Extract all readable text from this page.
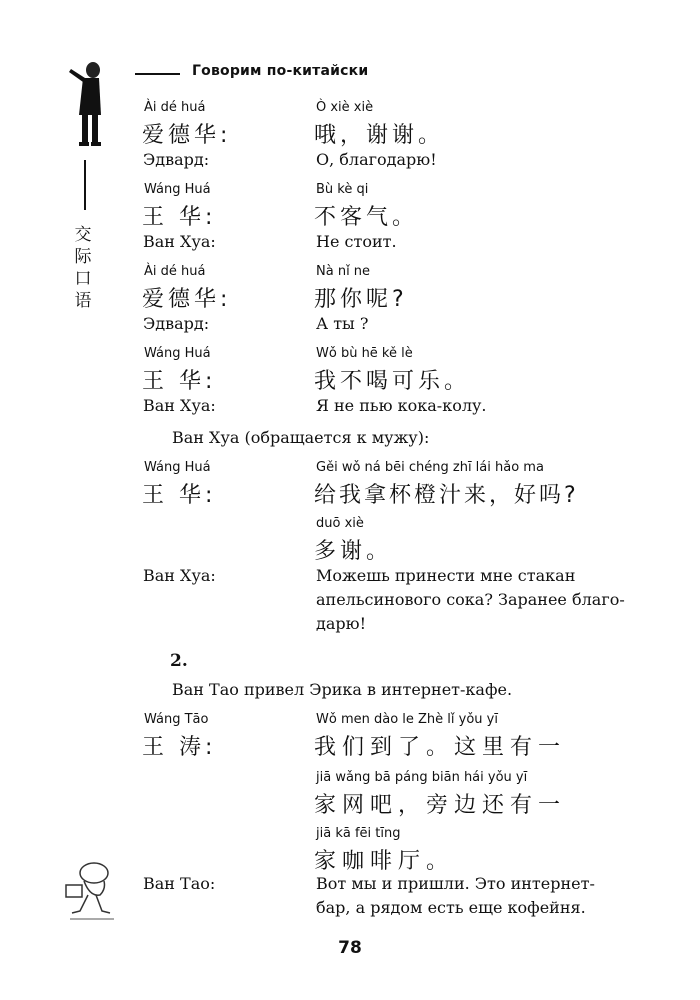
Говорим по-китайски
交
际
口
语
Ài dé huá
爱德华:
Эдвард:
Ò xiè xiè
哦，谢谢。
О, благодарю!
Wáng Huá
王 华:
Ван Хуа:
Bù kè qi
不客气。
Не стоит.
Ài dé huá
爱德华:
Эдвард:
Nà nǐ ne
那你呢?
А ты ?
Wáng Huá
王 华:
Ван Хуа:
Wǒ bù hē kě lè
我不喝可乐。
Я не пью кока-колу.
Ван Хуа (обращается к мужу):
Wáng Huá
王 华:
Gěi wǒ ná bēi chéng zhī lái hǎo ma
给我拿杯橙汁来，好吗?
duō xiè
多谢。
Ван Хуа:	Можешь принести мне стакан
апельсинового сока? Заранее благо-
дарю!
2.
Ван Тао привел Эрика в интернет-кафе.
Wáng Tāo
王 涛:
Wǒ men dào le Zhè lǐ yǒu yī
我们到了。这里有一
jiā wǎng bā páng biān hái yǒu yī
家网吧，旁边还有一
jiā kā fēi tīng
家咖啡厅。
Ван Тао:	Вот мы и пришли. Это интернет-
бар, а рядом есть еще кофейня.
78
